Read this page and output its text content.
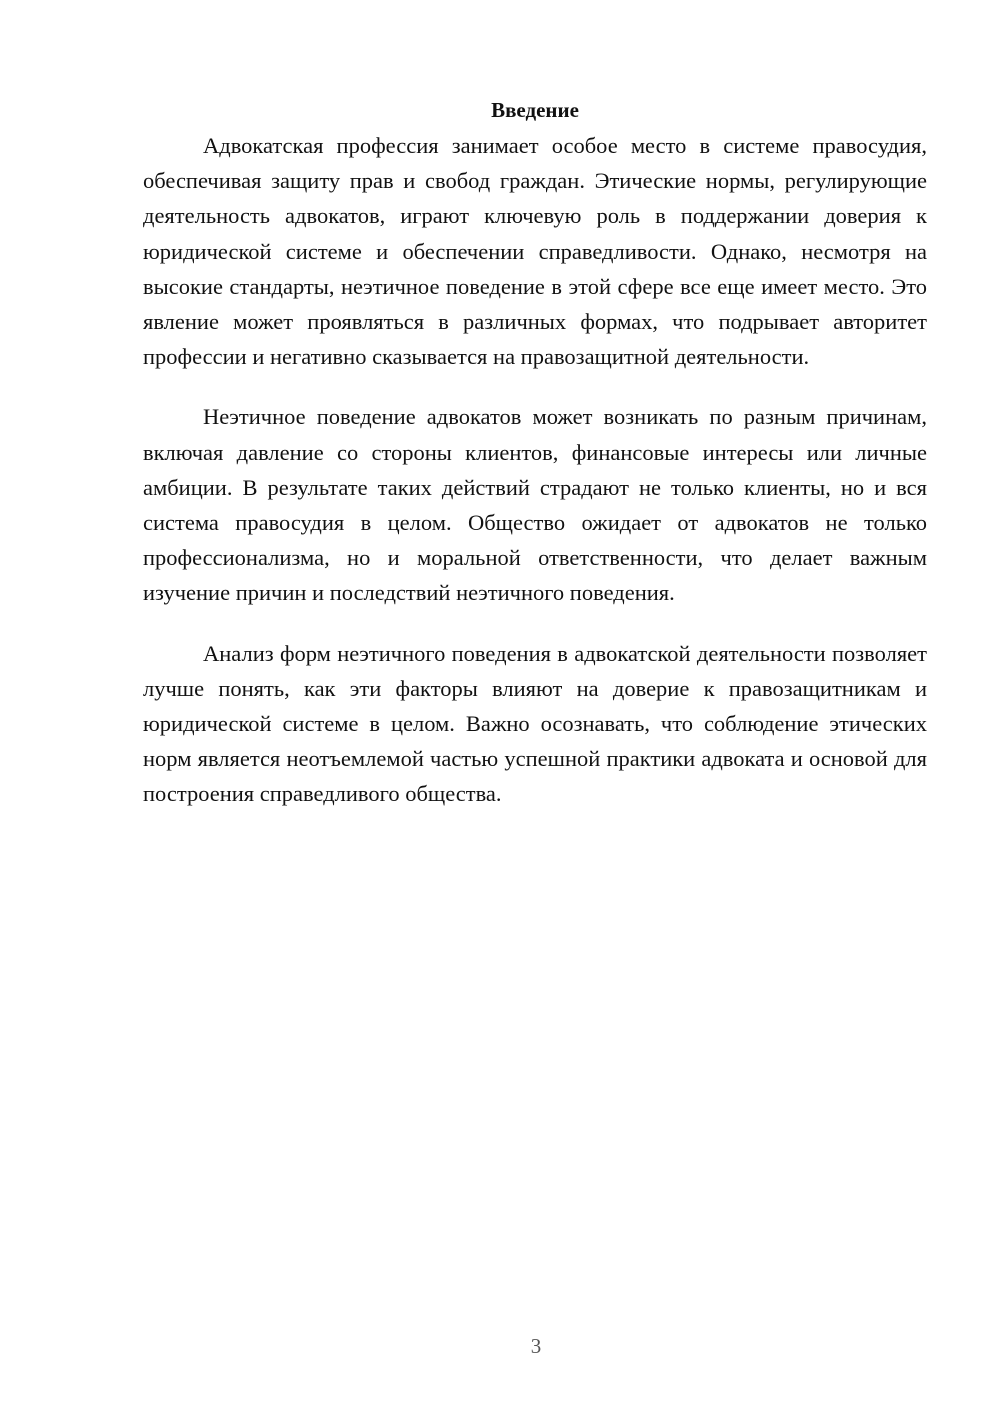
Введение

Адвокатская профессия занимает особое место в системе правосудия, обеспечивая защиту прав и свобод граждан. Этические нормы, регулирующие деятельность адвокатов, играют ключевую роль в поддержании доверия к юридической системе и обеспечении справедливости. Однако, несмотря на высокие стандарты, неэтичное поведение в этой сфере все еще имеет место. Это явление может проявляться в различных формах, что подрывает авторитет профессии и негативно сказывается на правозащитной деятельности.

Неэтичное поведение адвокатов может возникать по разным причинам, включая давление со стороны клиентов, финансовые интересы или личные амбиции. В результате таких действий страдают не только клиенты, но и вся система правосудия в целом. Общество ожидает от адвокатов не только профессионализма, но и моральной ответственности, что делает важным изучение причин и последствий неэтичного поведения.

Анализ форм неэтичного поведения в адвокатской деятельности позволяет лучше понять, как эти факторы влияют на доверие к правозащитникам и юридической системе в целом. Важно осознавать, что соблюдение этических норм является неотъемлемой частью успешной практики адвоката и основой для построения справедливого общества.

3
